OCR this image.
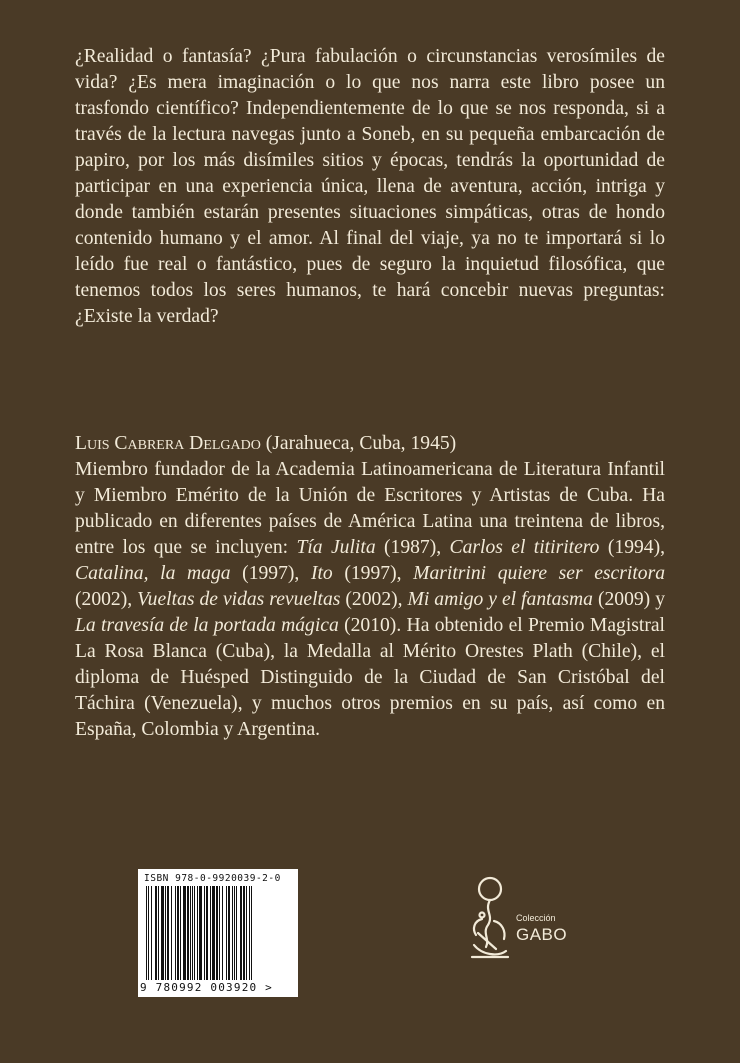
¿Realidad o fantasía? ¿Pura fabulación o circunstancias verosímiles de vida? ¿Es mera imaginación o lo que nos narra este libro posee un trasfondo científico? Independientemente de lo que se nos responda, si a través de la lectura navegas junto a Soneb, en su pequeña embarcación de papiro, por los más disímiles sitios y épocas, tendrás la oportunidad de participar en una experiencia única, llena de aventura, acción, intriga y donde también estarán presentes situaciones simpáticas, otras de hondo contenido humano y el amor. Al final del viaje, ya no te importará si lo leído fue real o fantástico, pues de seguro la inquietud filosófica, que tenemos todos los seres humanos, te hará concebir nuevas preguntas: ¿Existe la verdad?

Luis Cabrera Delgado (Jarahueca, Cuba, 1945)
Miembro fundador de la Academia Latinoamericana de Literatura Infantil y Miembro Emérito de la Unión de Escritores y Artistas de Cuba. Ha publicado en diferentes países de América Latina una treintena de libros, entre los que se incluyen: Tía Julita (1987), Carlos el titiritero (1994), Catalina, la maga (1997), Ito (1997), Maritrini quiere ser escritora (2002), Vueltas de vidas revueltas (2002), Mi amigo y el fantasma (2009) y La travesía de la portada mágica (2010). Ha obtenido el Premio Magistral La Rosa Blanca (Cuba), la Medalla al Mérito Orestes Plath (Chile), el diploma de Huésped Distinguido de la Ciudad de San Cristóbal del Táchira (Venezuela), y muchos otros premios en su país, así como en España, Colombia y Argentina.

ISBN 978-0-9920039-2-0
9 780992 003920 >
Colección
GABO
